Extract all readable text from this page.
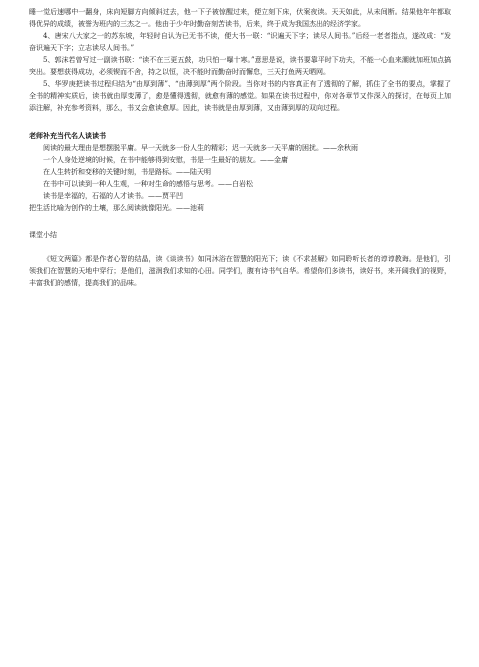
睡一觉后速哪中一翻身，床向短脚方向倾斜过去，他一下子被惊醒过来，便立刻下床，伏案夜读。天天如此，从未间断。结果他年年都取得优异的成绩，被誉为班内的三杰之一。他由于少年时勤奋刻苦读书，后来，终于成为我国杰出的经济学家。

4、唐宋八大家之一的苏东坡，年轻时自认为已无书不读，便大书一联：“识遍天下字；读尽人间书。”后经一老者指点，遂改成：“发奋识遍天下字；立志读尽人间书。”

5、郭沫若曾写过一副读书联：“读不在三更五鼓，功只怕一曝十寒。”意思是说，读书要靠平时下功夫，不能一心血来潮就加班加点搞突出。要想获得成功，必须锲而不舍，持之以恒，决不能时而勤奋时而懈怠，三天打鱼两天晒网。

5、华罗庚把读书过程归结为“由厚到薄”、“由薄到厚”两个阶段。当你对书的内容真正有了透彻的了解，抓住了全书的要点，掌握了全书的精神实质后，读书就由厚变薄了，愈是懂得透彻，就愈有薄的感觉。如果在读书过程中，你对各章节又作深入的探讨，在每页上加添注解，补充参考资料，那么，书又会愈读愈厚。因此，读书就是由厚到薄，又由薄到厚的双向过程。

老师补充当代名人谈读书

阅读的最大理由是想摆脱平庸。早一天就多一份人生的精彩；迟一天就多一天平庸的困扰。——余秋雨

一个人身处逆境的时候，在书中能够得到安慰，书是一生最好的朋友。——金庸

在人生转折和变移的关键时刻，书是路标。——陆天明

在书中可以读到一种人生观，一种对生命的感悟与思考。——白岩松

读书是幸福的，石福的人才读书。——贾平凹

把生活比喻为创作的土壤，那么阅读就像阳光。——池莉

课堂小结

《短文两篇》都是作者心智的结晶，读《谈读书》如同沐浴在智慧的阳光下；读《不求甚解》如同聆听长者的谆谆教诲。是他们，引领我们在智慧的天地中穿行；是他们，滋润我们求知的心田。同学们，腹有诗书气自华。希望你们多读书，读好书，来开阔我们的视野，丰富我们的感情，提高我们的品味。
